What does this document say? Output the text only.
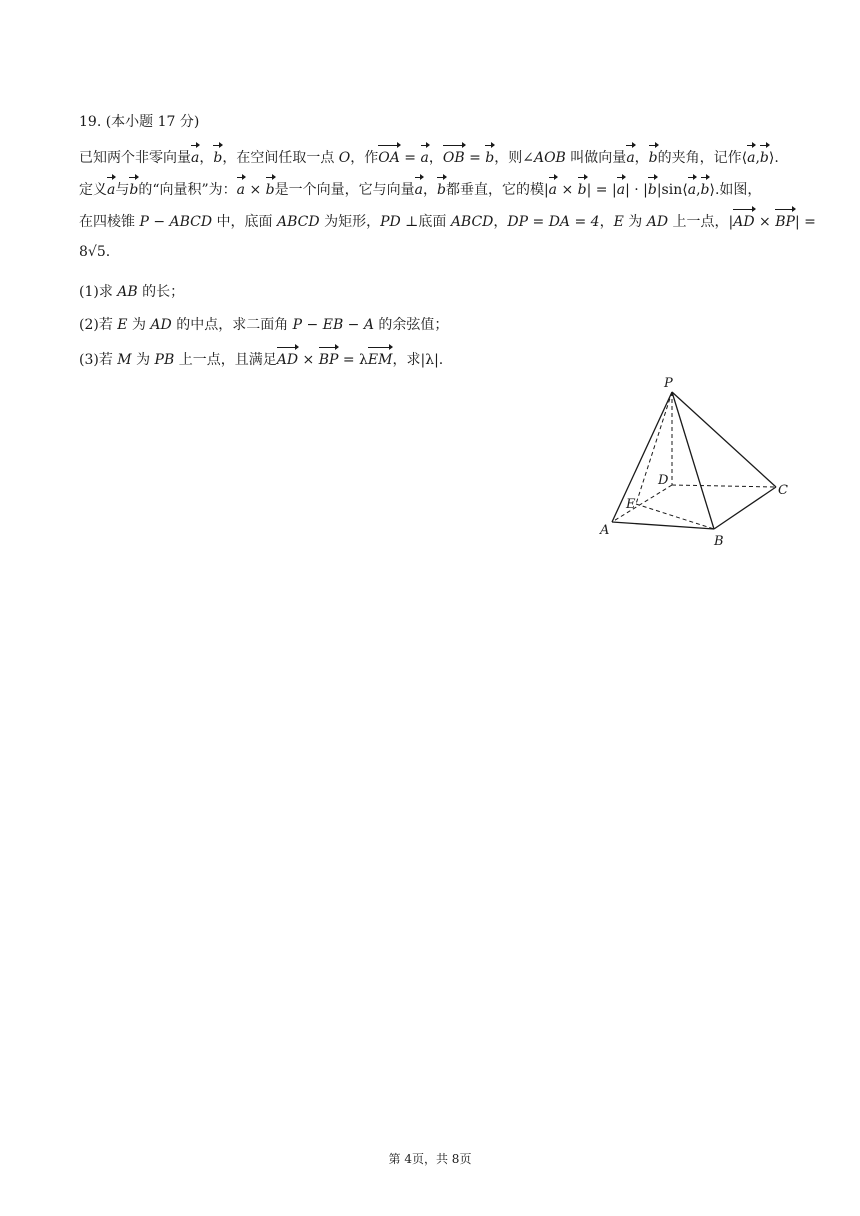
19. (本小题 17 分)
已知两个非零向量a，b，在空间任取一点 O，作OA = a，OB = b，则∠AOB 叫做向量a，b的夹角，记作⟨a,b⟩.
定义a与b的“向量积”为：a × b是一个向量，它与向量a，b都垂直，它的模|a × b| = |a| · |b|sin⟨a,b⟩.如图，
在四棱锥 P − ABCD 中，底面 ABCD 为矩形，PD ⊥底面 ABCD，DP = DA = 4，E 为 AD 上一点，|AD × BP| =
8√5.
(1)求 AB 的长；
(2)若 E 为 AD 的中点，求二面角 P − EB − A 的余弦值；
(3)若 M 为 PB 上一点，且满足AD × BP = λEM，求|λ|.
P
D
C
E
A
B
第 4页，共 8页
